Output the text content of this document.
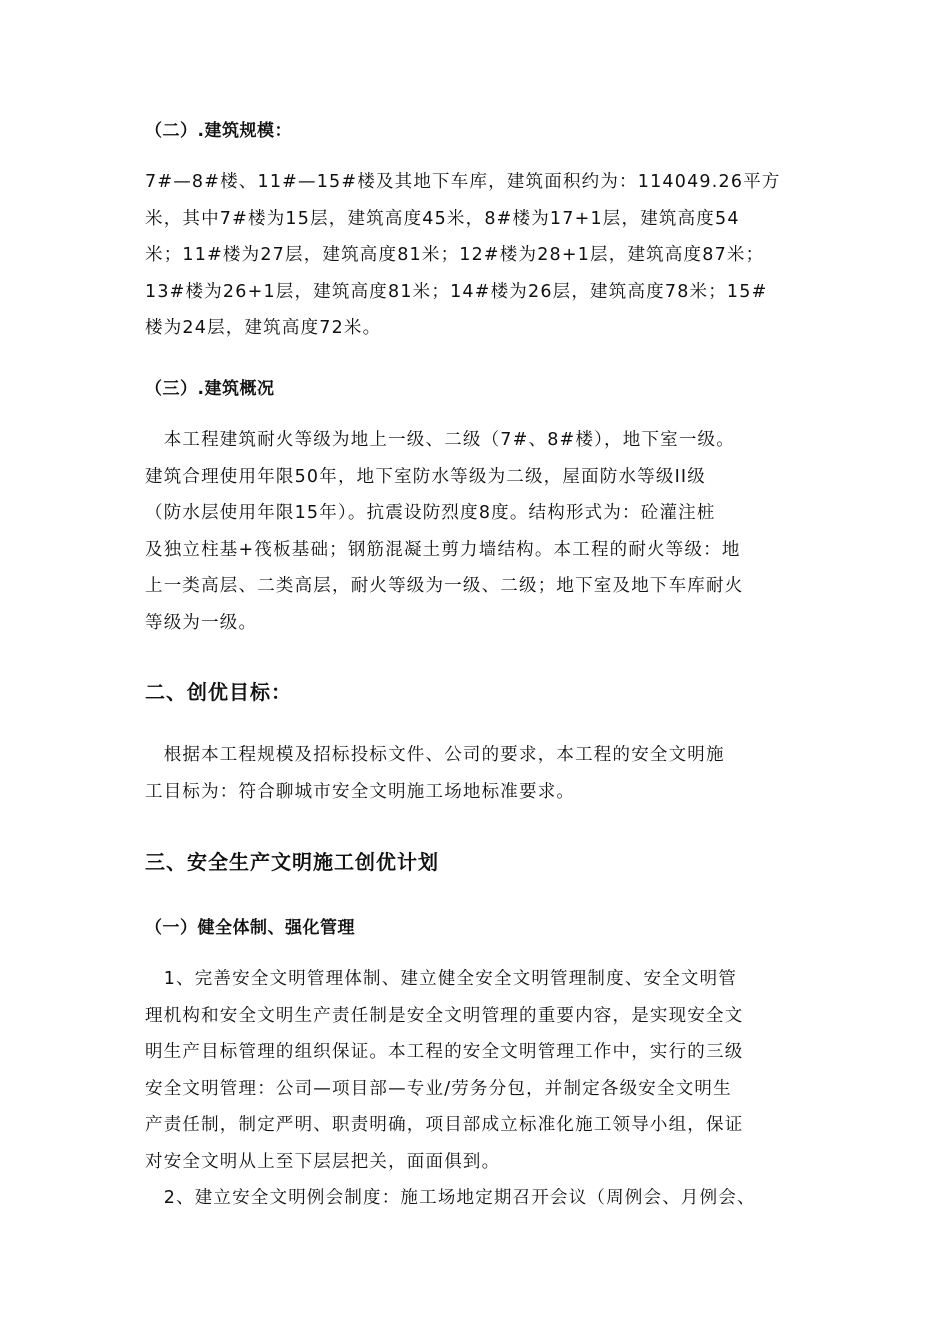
（二）.建筑规模：

7#—8#楼、11#—15#楼及其地下车库，建筑面积约为：114049.26平方
米，其中7#楼为15层，建筑高度45米，8#楼为17+1层，建筑高度54
米；11#楼为27层，建筑高度81米；12#楼为28+1层，建筑高度87米；
13#楼为26+1层，建筑高度81米；14#楼为26层，建筑高度78米；15#
楼为24层，建筑高度72米。

（三）.建筑概况

　本工程建筑耐火等级为地上一级、二级（7#、8#楼），地下室一级。
建筑合理使用年限50年，地下室防水等级为二级，屋面防水等级II级
（防水层使用年限15年）。抗震设防烈度8度。结构形式为：砼灌注桩
及独立柱基+筏板基础；钢筋混凝土剪力墙结构。本工程的耐火等级：地
上一类高层、二类高层，耐火等级为一级、二级；地下室及地下车库耐火
等级为一级。

二、创优目标：

　根据本工程规模及招标投标文件、公司的要求，本工程的安全文明施
工目标为：符合聊城市安全文明施工场地标准要求。

三、安全生产文明施工创优计划
（一）健全体制、强化管理

　1、完善安全文明管理体制、建立健全安全文明管理制度、安全文明管
理机构和安全文明生产责任制是安全文明管理的重要内容，是实现安全文
明生产目标管理的组织保证。本工程的安全文明管理工作中，实行的三级
安全文明管理：公司—项目部—专业/劳务分包，并制定各级安全文明生
产责任制，制定严明、职责明确，项目部成立标准化施工领导小组，保证
对安全文明从上至下层层把关，面面俱到。

　2、建立安全文明例会制度：施工场地定期召开会议（周例会、月例会、
